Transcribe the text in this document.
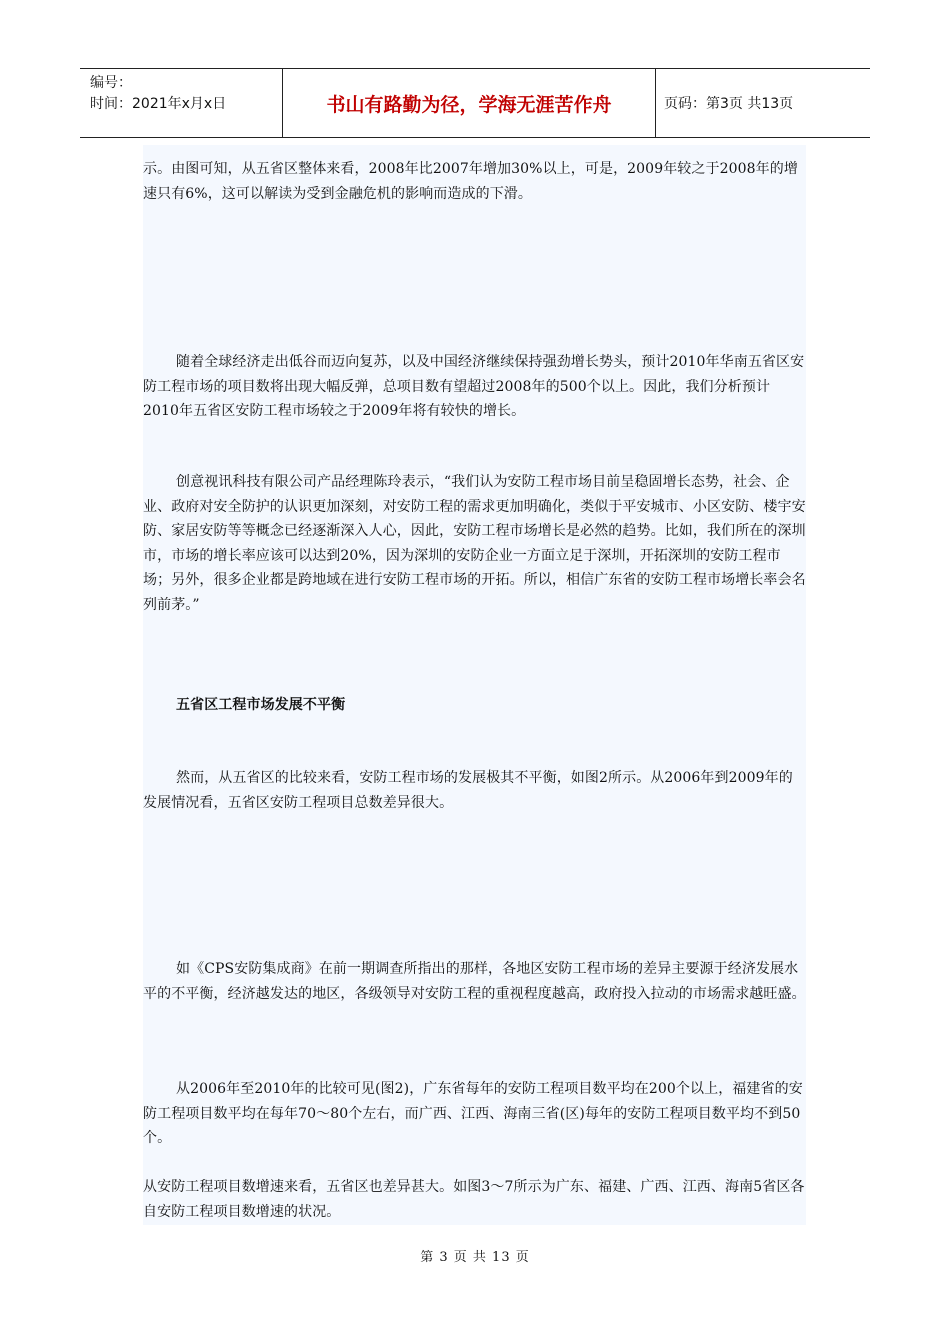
编号：
时间：2021年x月x日	书山有路勤为径，学海无涯苦作舟	页码：第3页 共13页

示。由图可知，从五省区整体来看，2008年比2007年增加30%以上，可是，2009年较之于2008年的增速只有6%，这可以解读为受到金融危机的影响而造成的下滑。

随着全球经济走出低谷而迈向复苏，以及中国经济继续保持强劲增长势头，预计2010年华南五省区安防工程市场的项目数将出现大幅反弹，总项目数有望超过2008年的500个以上。因此，我们分析预计2010年五省区安防工程市场较之于2009年将有较快的增长。

创意视讯科技有限公司产品经理陈玲表示，“我们认为安防工程市场目前呈稳固增长态势，社会、企业、政府对安全防护的认识更加深刻，对安防工程的需求更加明确化，类似于平安城市、小区安防、楼宇安防、家居安防等等概念已经逐渐深入人心，因此，安防工程市场增长是必然的趋势。比如，我们所在的深圳市，市场的增长率应该可以达到20%，因为深圳的安防企业一方面立足于深圳，开拓深圳的安防工程市场；另外，很多企业都是跨地域在进行安防工程市场的开拓。所以，相信广东省的安防工程市场增长率会名列前茅。”

五省区工程市场发展不平衡

然而，从五省区的比较来看，安防工程市场的发展极其不平衡，如图2所示。从2006年到2009年的发展情况看，五省区安防工程项目总数差异很大。

如《CPS安防集成商》在前一期调查所指出的那样，各地区安防工程市场的差异主要源于经济发展水平的不平衡，经济越发达的地区，各级领导对安防工程的重视程度越高，政府投入拉动的市场需求越旺盛。

从2006年至2010年的比较可见(图2)，广东省每年的安防工程项目数平均在200个以上，福建省的安防工程项目数平均在每年70～80个左右，而广西、江西、海南三省(区)每年的安防工程项目数平均不到50个。

从安防工程项目数增速来看，五省区也差异甚大。如图3～7所示为广东、福建、广西、江西、海南5省区各自安防工程项目数增速的状况。

第 3 页 共 13 页
